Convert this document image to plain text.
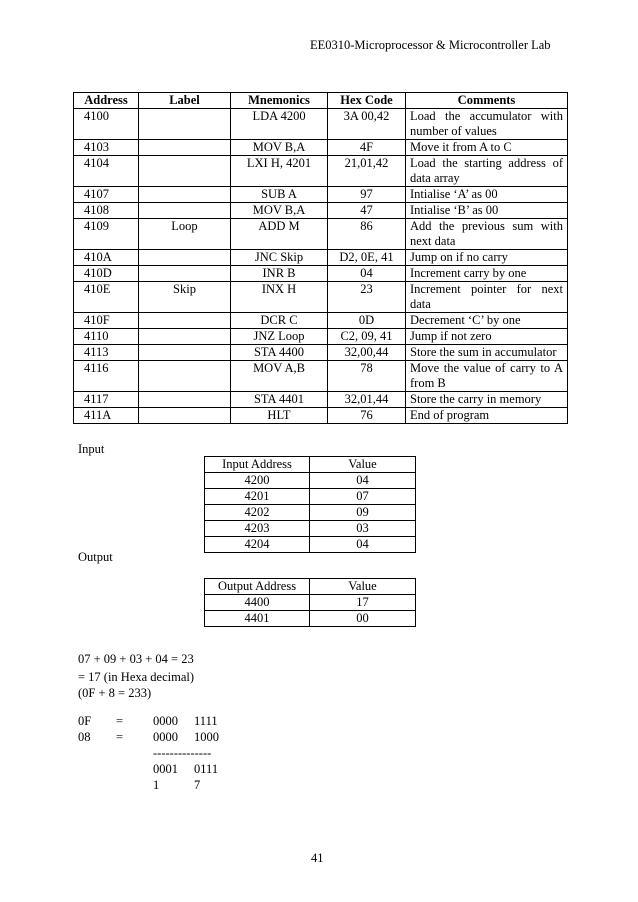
EE0310-Microprocessor & Microcontroller Lab
Address	Label	Mnemonics	Hex Code	Comments
4100		LDA 4200	3A 00,42	Load the accumulator with number of values
4103		MOV B,A	4F	Move it from A to C
4104		LXI H, 4201	21,01,42	Load the starting address of data array
4107		SUB A	97	Intialise ‘A’ as 00
4108		MOV B,A	47	Intialise ‘B’ as 00
4109	Loop	ADD M	86	Add the previous sum with next data
410A		JNC Skip	D2, 0E, 41	Jump on if no carry
410D		INR B	04	Increment carry by one
410E	Skip	INX H	23	Increment pointer for next data
410F		DCR C	0D	Decrement ‘C’ by one
4110		JNZ Loop	C2, 09, 41	Jump if not zero
4113		STA 4400	32,00,44	Store the sum in accumulator
4116		MOV A,B	78	Move the value of carry to A from B
4117		STA 4401	32,01,44	Store the carry in memory
411A		HLT	76	End of program
Input
Input Address	Value
4200	04
4201	07
4202	09
4203	03
4204	04
Output
Output Address	Value
4400	17
4401	00
07 + 09 + 03 + 04 = 23
= 17 (in Hexa decimal)
(0F + 8 = 233)
0F = 0000 1111
08 = 0000 1000
--------------
0001 0111
1	7
41
